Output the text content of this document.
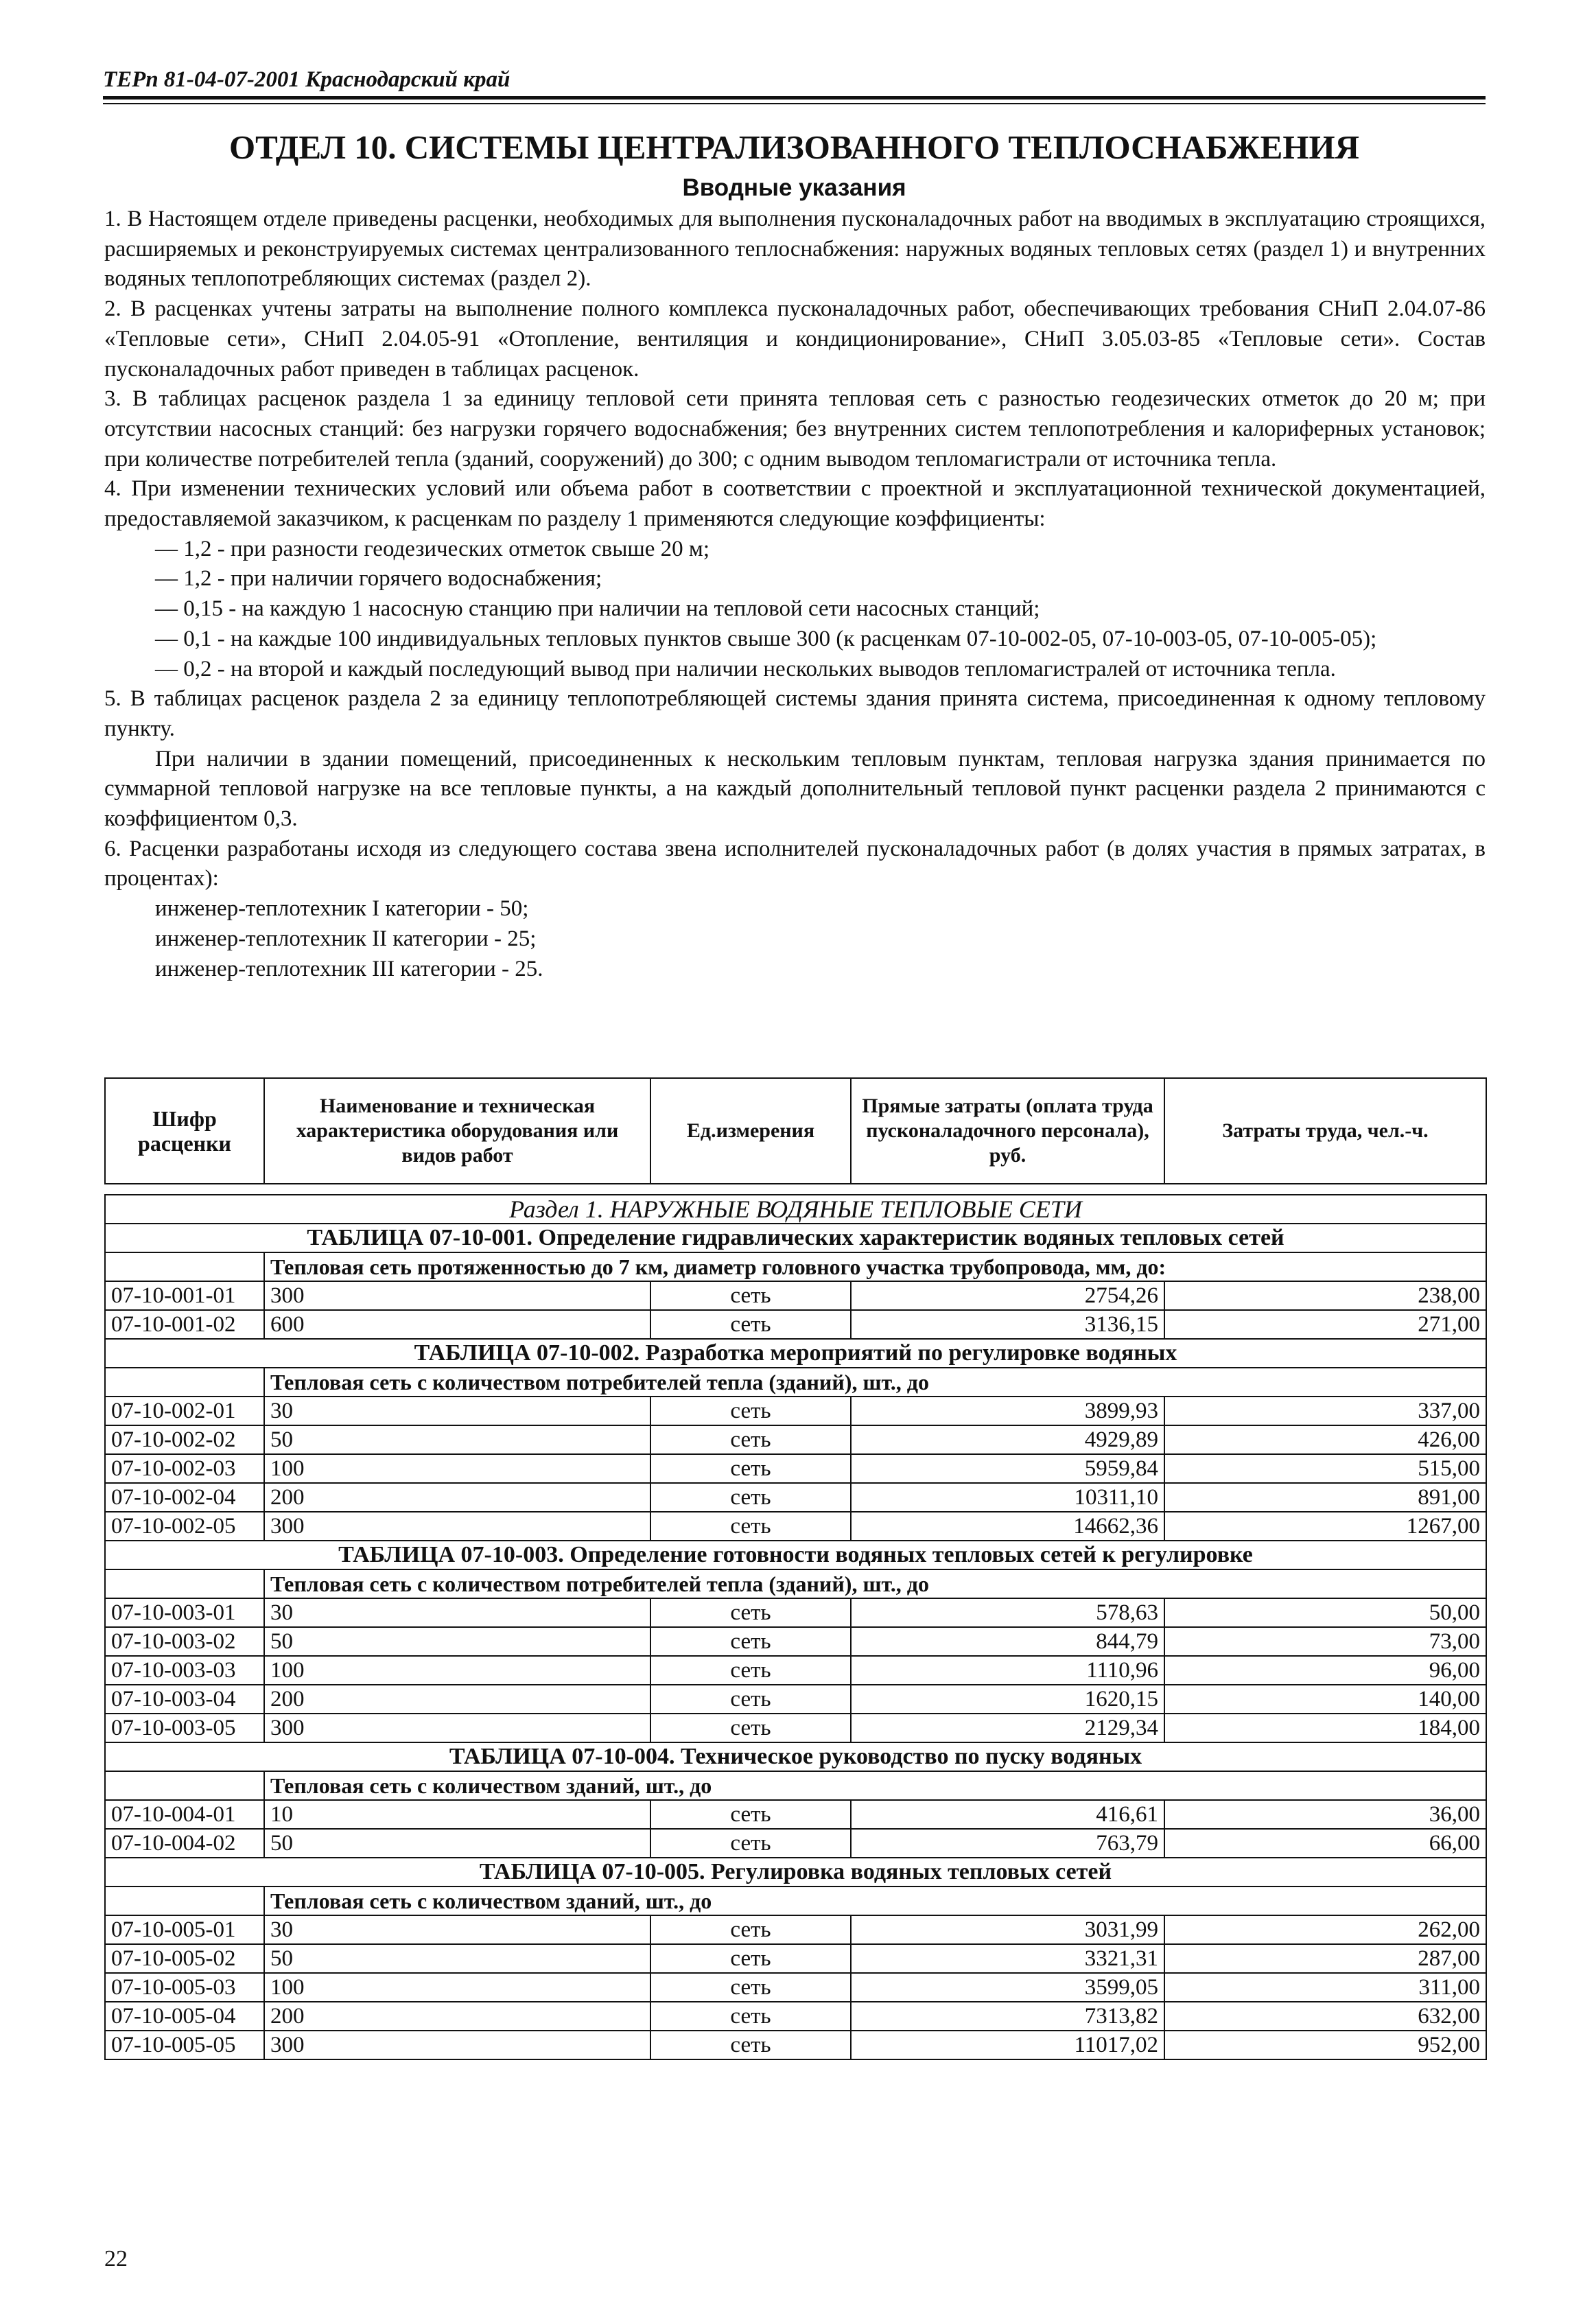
ТЕРп 81-04-07-2001 Краснодарский край
ОТДЕЛ 10. СИСТЕМЫ ЦЕНТРАЛИЗОВАННОГО ТЕПЛОСНАБЖЕНИЯ
Вводные указания

1. В Настоящем отделе приведены расценки, необходимых для выполнения пусконаладочных работ на вводимых в эксплуатацию строящихся, расширяемых и реконструируемых системах централизованного теплоснабжения: наружных водяных тепловых сетях (раздел 1) и внутренних водяных теплопотребляющих системах (раздел 2).

2. В расценках учтены затраты на выполнение полного комплекса пусконаладочных работ, обеспечивающих требования СНиП 2.04.07-86 «Тепловые сети», СНиП 2.04.05-91 «Отопление, вентиляция и кондиционирование», СНиП 3.05.03-85 «Тепловые сети». Состав пусконаладочных работ приведен в таблицах расценок.

3. В таблицах расценок раздела 1 за единицу тепловой сети принята тепловая сеть с разностью геодезических отметок до 20 м; при отсутствии насосных станций: без нагрузки горячего водоснабжения; без внутренних систем теплопотребления и калориферных установок; при количестве потребителей тепла (зданий, сооружений) до 300; с одним выводом тепломагистрали от источника тепла.

4. При изменении технических условий или объема работ в соответствии с проектной и эксплуатационной технической документацией, предоставляемой заказчиком, к расценкам по разделу 1 применяются следующие коэффициенты:

— 1,2 - при разности геодезических отметок свыше 20 м;

— 1,2 - при наличии горячего водоснабжения;

— 0,15 - на каждую 1 насосную станцию при наличии на тепловой сети насосных станций;

— 0,1 - на каждые 100 индивидуальных тепловых пунктов свыше 300 (к расценкам 07-10-002-05, 07-10-003-05, 07-10-005-05);

— 0,2 - на второй и каждый последующий вывод при наличии нескольких выводов тепломагистралей от источника тепла.

5. В таблицах расценок раздела 2 за единицу теплопотребляющей системы здания принята система, присоединенная к одному тепловому пункту.

При наличии в здании помещений, присоединенных к нескольким тепловым пунктам, тепловая нагрузка здания принимается по суммарной тепловой нагрузке на все тепловые пункты, а на каждый дополнительный тепловой пункт расценки раздела 2 принимаются с коэффициентом 0,3.

6. Расценки разработаны исходя из следующего состава звена исполнителей пусконаладочных работ (в долях участия в прямых затратах, в процентах):

инженер-теплотехник I категории - 50;
инженер-теплотехник II категории - 25;
инженер-теплотехник III категории - 25.
Шифр расценки	Наименование и техническая характеристика оборудования или видов работ	Ед.измерения	Прямые затраты (оплата труда пусконаладочного персонала), руб.	Затраты труда, чел.-ч.

Раздел 1. НАРУЖНЫЕ ВОДЯНЫЕ ТЕПЛОВЫЕ СЕТИ				
ТАБЛИЦА 07-10-001. Определение гидравлических характеристик водяных тепловых сетей				
	Тепловая сеть протяженностью до 7 км, диаметр головного участка трубопровода, мм, до:			
07-10-001-01	300	сеть	2754,26	238,00
07-10-001-02	600	сеть	3136,15	271,00
ТАБЛИЦА 07-10-002. Разработка мероприятий по регулировке водяных				
	Тепловая сеть с количеством потребителей тепла (зданий), шт., до			
07-10-002-01	30	сеть	3899,93	337,00
07-10-002-02	50	сеть	4929,89	426,00
07-10-002-03	100	сеть	5959,84	515,00
07-10-002-04	200	сеть	10311,10	891,00
07-10-002-05	300	сеть	14662,36	1267,00
ТАБЛИЦА 07-10-003. Определение готовности водяных тепловых сетей к регулировке				
	Тепловая сеть с количеством потребителей тепла (зданий), шт., до			
07-10-003-01	30	сеть	578,63	50,00
07-10-003-02	50	сеть	844,79	73,00
07-10-003-03	100	сеть	1110,96	96,00
07-10-003-04	200	сеть	1620,15	140,00
07-10-003-05	300	сеть	2129,34	184,00
ТАБЛИЦА 07-10-004. Техническое руководство по пуску водяных				
	Тепловая сеть с количеством зданий, шт., до			
07-10-004-01	10	сеть	416,61	36,00
07-10-004-02	50	сеть	763,79	66,00
ТАБЛИЦА 07-10-005. Регулировка водяных тепловых сетей				
	Тепловая сеть с количеством зданий, шт., до			
07-10-005-01	30	сеть	3031,99	262,00
07-10-005-02	50	сеть	3321,31	287,00
07-10-005-03	100	сеть	3599,05	311,00
07-10-005-04	200	сеть	7313,82	632,00
07-10-005-05	300	сеть	11017,02	952,00
22
